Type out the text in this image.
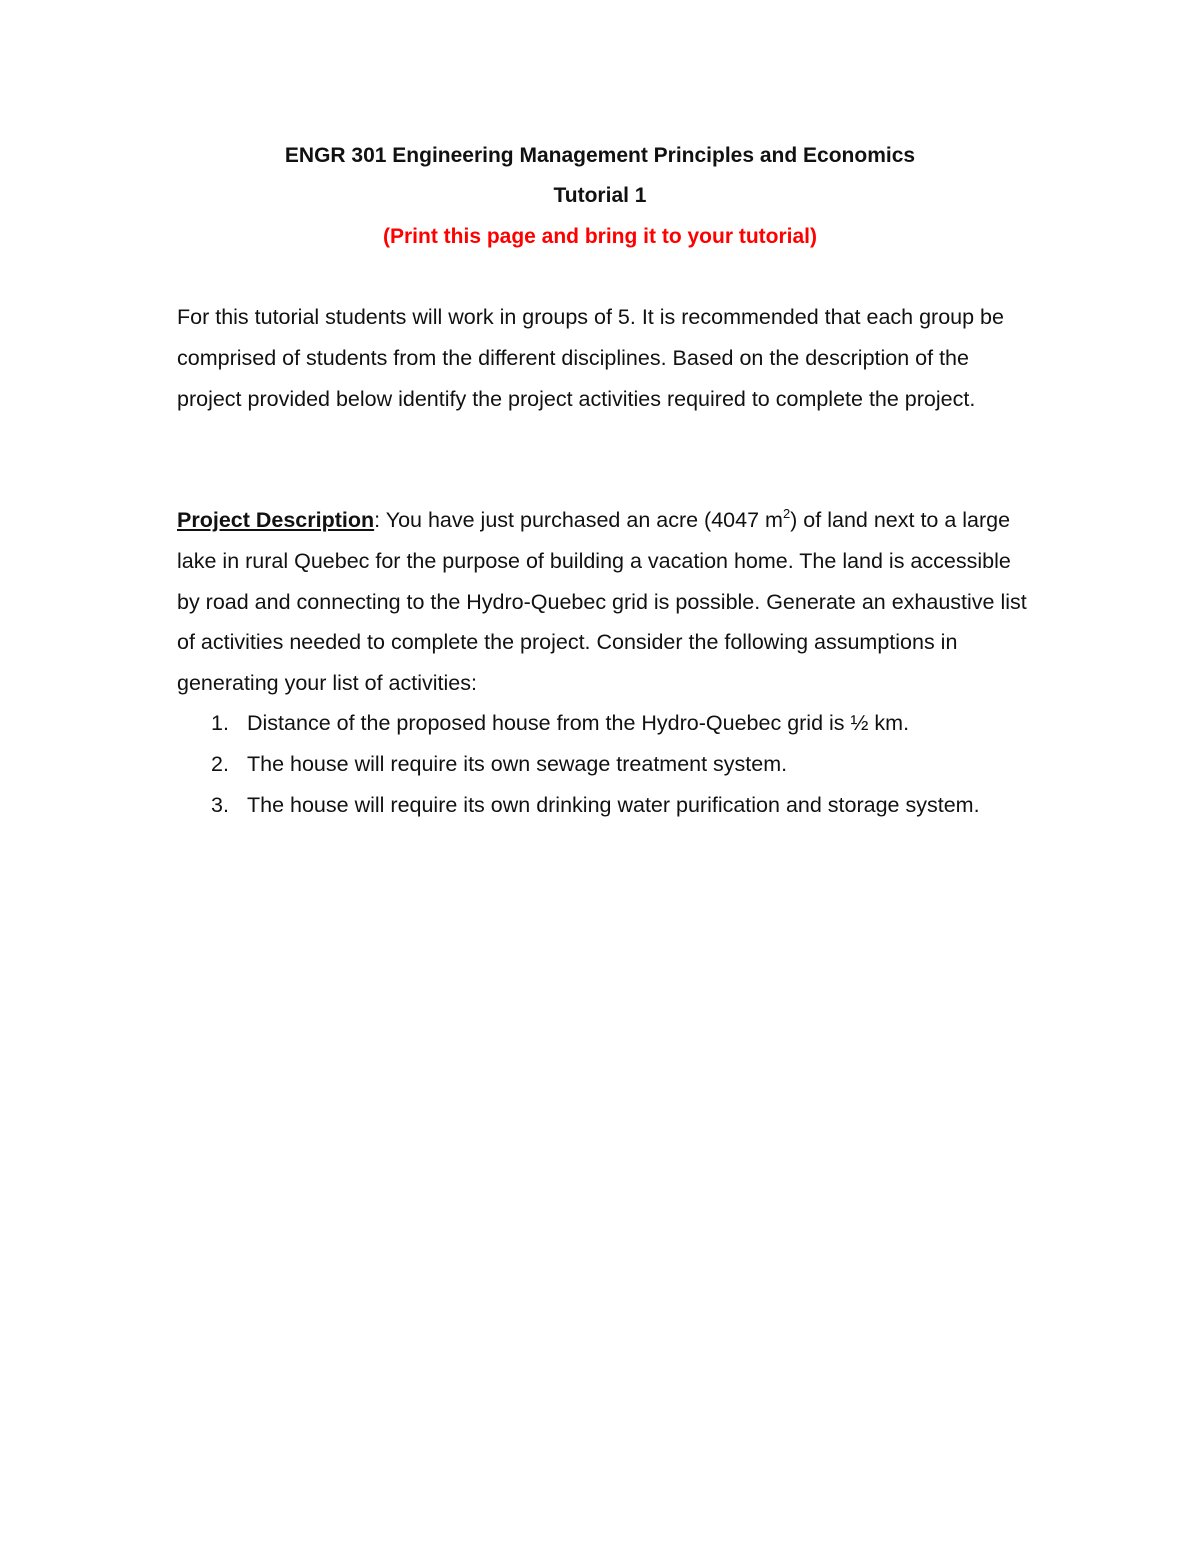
ENGR 301 Engineering Management Principles and Economics
Tutorial 1
(Print this page and bring it to your tutorial)
For this tutorial students will work in groups of 5. It is recommended that each group be comprised of students from the different disciplines. Based on the description of the project provided below identify the project activities required to complete the project.
Project Description: You have just purchased an acre (4047 $m^2$) of land next to a large lake in rural Quebec for the purpose of building a vacation home. The land is accessible by road and connecting to the Hydro-Quebec grid is possible. Generate an exhaustive list of activities needed to complete the project. Consider the following assumptions in generating your list of activities:
1. Distance of the proposed house from the Hydro-Quebec grid is ½ km.
2. The house will require its own sewage treatment system.
3. The house will require its own drinking water purification and storage system.
